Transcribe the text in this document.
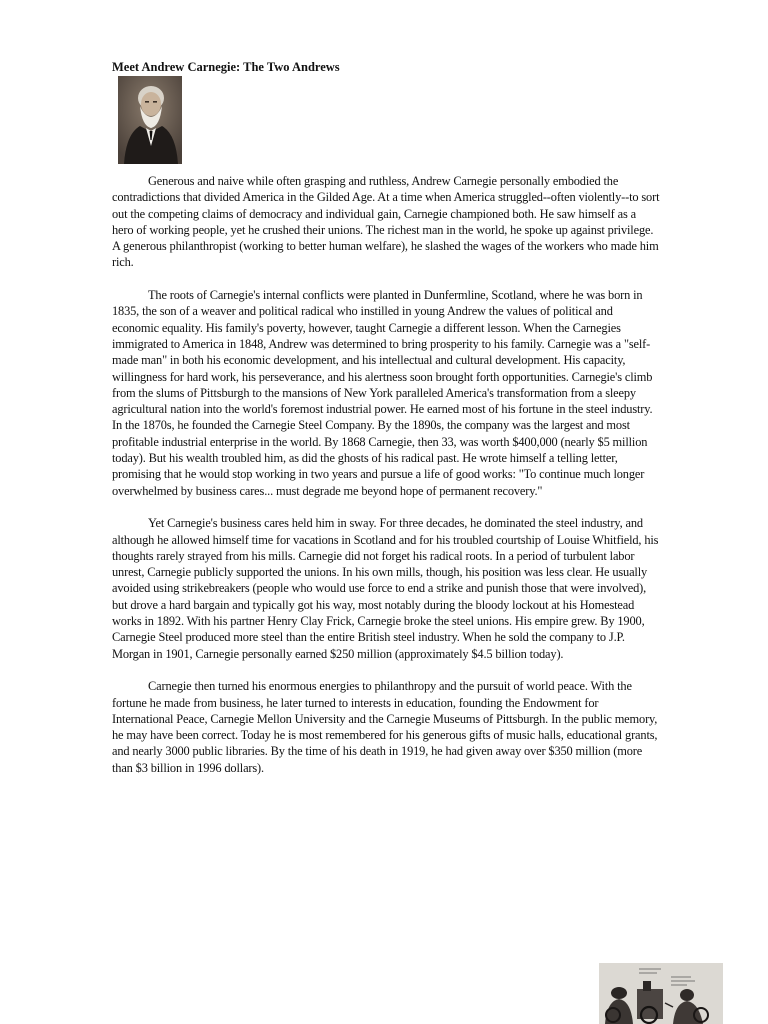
Meet Andrew Carnegie: The Two Andrews

Generous and naive while often grasping and ruthless, Andrew Carnegie personally embodied the contradictions that divided America in the Gilded Age. At a time when America struggled--often violently--to sort out the competing claims of democracy and individual gain, Carnegie championed both. He saw himself as a hero of working people, yet he crushed their unions. The richest man in the world, he spoke up against privilege. A generous philanthropist (working to better human welfare), he slashed the wages of the workers who made him rich.

The roots of Carnegie's internal conflicts were planted in Dunfermline, Scotland, where he was born in 1835, the son of a weaver and political radical who instilled in young Andrew the values of political and economic equality. His family's poverty, however, taught Carnegie a different lesson. When the Carnegies immigrated to America in 1848, Andrew was determined to bring prosperity to his family. Carnegie was a "self-made man" in both his economic development, and his intellectual and cultural development. His capacity, willingness for hard work, his perseverance, and his alertness soon brought forth opportunities. Carnegie's climb from the slums of Pittsburgh to the mansions of New York paralleled America's transformation from a sleepy agricultural nation into the world's foremost industrial power. He earned most of his fortune in the steel industry. In the 1870s, he founded the Carnegie Steel Company. By the 1890s, the company was the largest and most profitable industrial enterprise in the world. By 1868 Carnegie, then 33, was worth $400,000 (nearly $5 million today). But his wealth troubled him, as did the ghosts of his radical past. He wrote himself a telling letter, promising that he would stop working in two years and pursue a life of good works: "To continue much longer overwhelmed by business cares... must degrade me beyond hope of permanent recovery."

Yet Carnegie's business cares held him in sway. For three decades, he dominated the steel industry, and although he allowed himself time for vacations in Scotland and for his troubled courtship of Louise Whitfield, his thoughts rarely strayed from his mills. Carnegie did not forget his radical roots. In a period of turbulent labor unrest, Carnegie publicly supported the unions. In his own mills, though, his position was less clear. He usually avoided using strikebreakers (people who would use force to end a strike and punish those that were involved), but drove a hard bargain and typically got his way, most notably during the bloody lockout at his Homestead works in 1892. With his partner Henry Clay Frick, Carnegie broke the steel unions. His empire grew. By 1900, Carnegie Steel produced more steel than the entire British steel industry. When he sold the company to J.P. Morgan in 1901, Carnegie personally earned $250 million (approximately $4.5 billion today).

Carnegie then turned his enormous energies to philanthropy and the pursuit of world peace. With the fortune he made from business, he later turned to interests in education, founding the Endowment for International Peace, Carnegie Mellon University and the Carnegie Museums of Pittsburgh. In the public memory, he may have been correct. Today he is most remembered for his generous gifts of music halls, educational grants, and nearly 3000 public libraries. By the time of his death in 1919, he had given away over $350 million (more than $3 billion in 1996 dollars).
